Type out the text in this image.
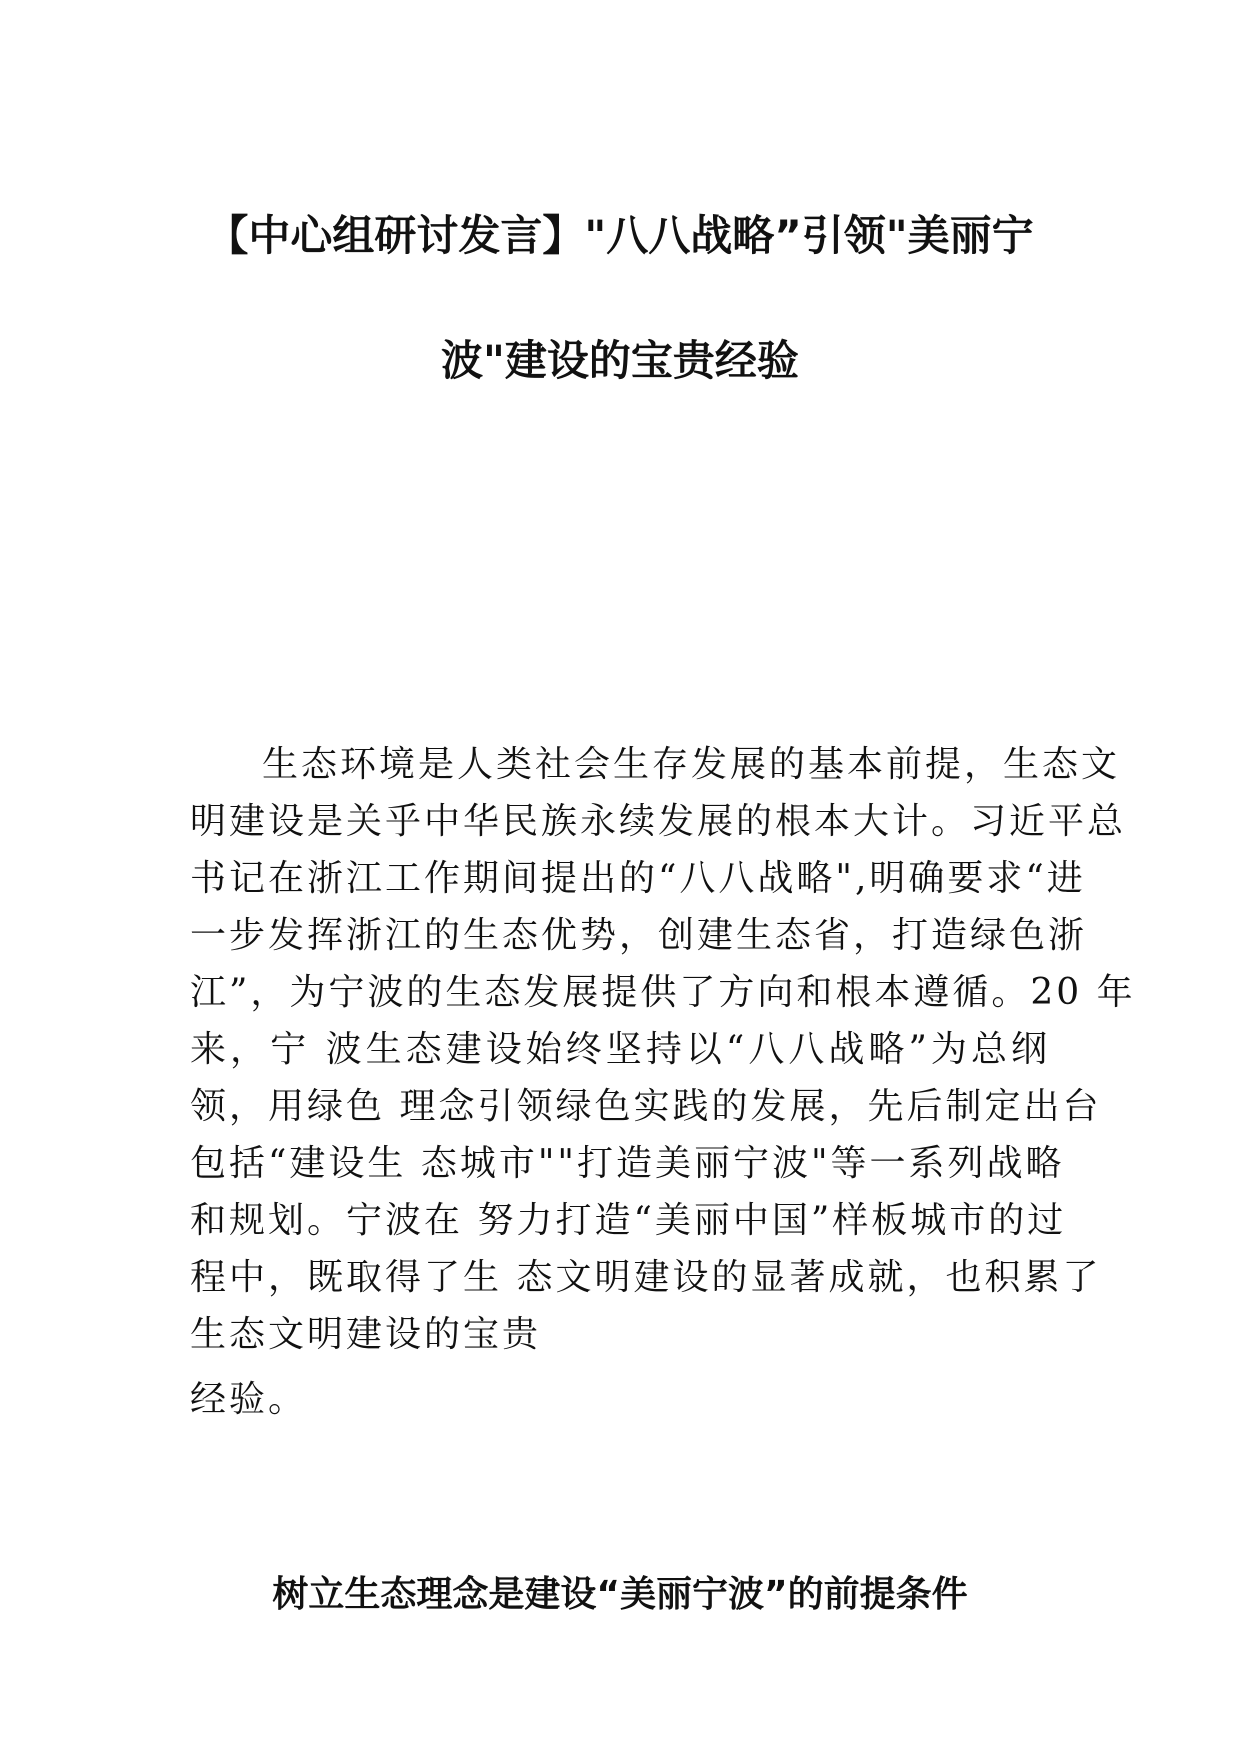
【中心组研讨发言】"八八战略”引领"美丽宁
波"建设的宝贵经验
生态环境是人类社会生存发展的基本前提，生态文
明建设是关乎中华民族永续发展的根本大计。习近平总
书记在浙江工作期间提出的“八八战略",明确要求“进
一步发挥浙江的生态优势，创建生态省，打造绿色浙
江”，为宁波的生态发展提供了方向和根本遵循。20 年
来，宁 波生态建设始终坚持以“八八战略”为总纲
领，用绿色 理念引领绿色实践的发展，先后制定出台
包括“建设生 态城市""打造美丽宁波"等一系列战略
和规划。宁波在 努力打造“美丽中国”样板城市的过
程中，既取得了生 态文明建设的显著成就，也积累了
生态文明建设的宝贵
经验。
树立生态理念是建设“美丽宁波”的前提条件
